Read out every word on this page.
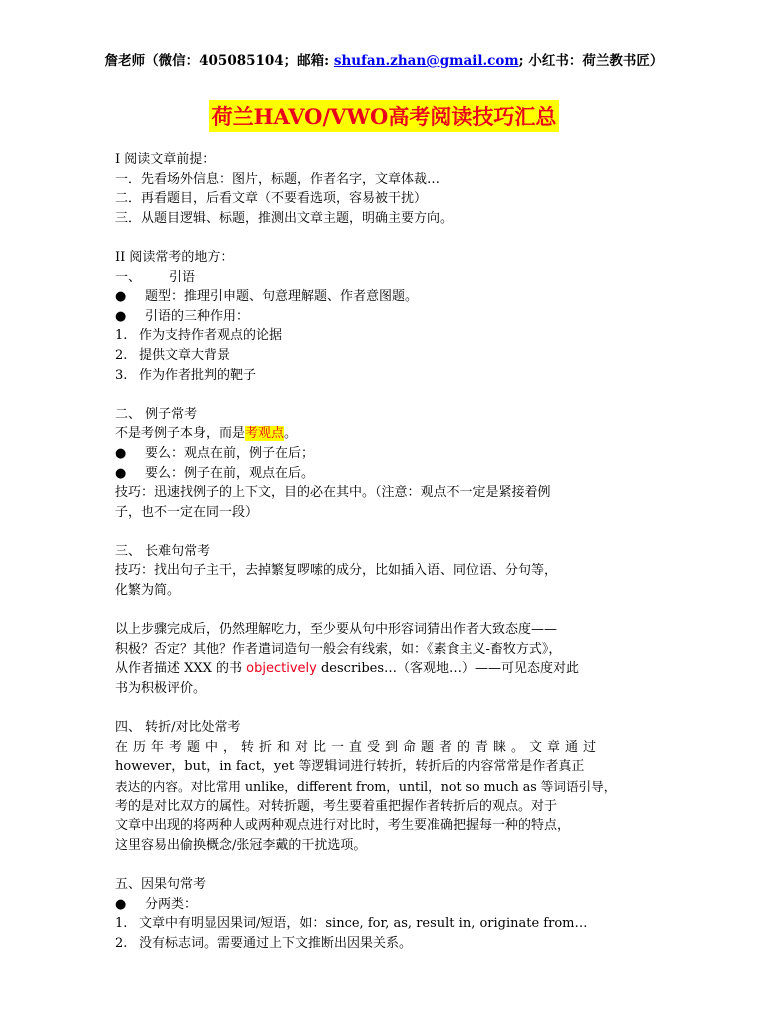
詹老师（微信：405085104；邮箱: shufan.zhan@gmail.com; 小红书：荷兰教书匠）
荷兰HAVO/VWO高考阅读技巧汇总
I 阅读文章前提：
一．先看场外信息：图片，标题，作者名字，文章体裁…
二．再看题目，后看文章（不要看选项，容易被干扰）
三．从题目逻辑、标题，推测出文章主题，明确主要方向。
II 阅读常考的地方：
一、 引语
● 题型：推理引申题、句意理解题、作者意图题。
● 引语的三种作用：
1. 作为支持作者观点的论据
2. 提供文章大背景
3. 作为作者批判的靶子
二、 例子常考
不是考例子本身，而是考观点。
● 要么：观点在前，例子在后；
● 要么：例子在前，观点在后。
技巧：迅速找例子的上下文，目的必在其中。（注意：观点不一定是紧接着例
子，也不一定在同一段）
三、 长难句常考
技巧：找出句子主干，去掉繁复啰嗦的成分，比如插入语、同位语、分句等，
化繁为简。
以上步骤完成后，仍然理解吃力，至少要从句中形容词猜出作者大致态度——
积极？否定？其他？作者遣词造句一般会有线索，如：《素食主义-畜牧方式》，
从作者描述 XXX 的书 objectively describes…（客观地…）——可见态度对此
书为积极评价。
四、 转折/对比处常考
在历年考题中，转折和对比一直受到命题者的青睐。文章通过
however，but，in fact，yet 等逻辑词进行转折，转折后的内容常常是作者真正
表达的内容。对比常用 unlike，different from，until，not so much as 等词语引导，
考的是对比双方的属性。对转折题，考生要着重把握作者转折后的观点。对于
文章中出现的将两种人或两种观点进行对比时，考生要准确把握每一种的特点，
这里容易出偷换概念/张冠李戴的干扰选项。
五、因果句常考
● 分两类：
1. 文章中有明显因果词/短语，如：since, for, as, result in, originate from…
2. 没有标志词。需要通过上下文推断出因果关系。
